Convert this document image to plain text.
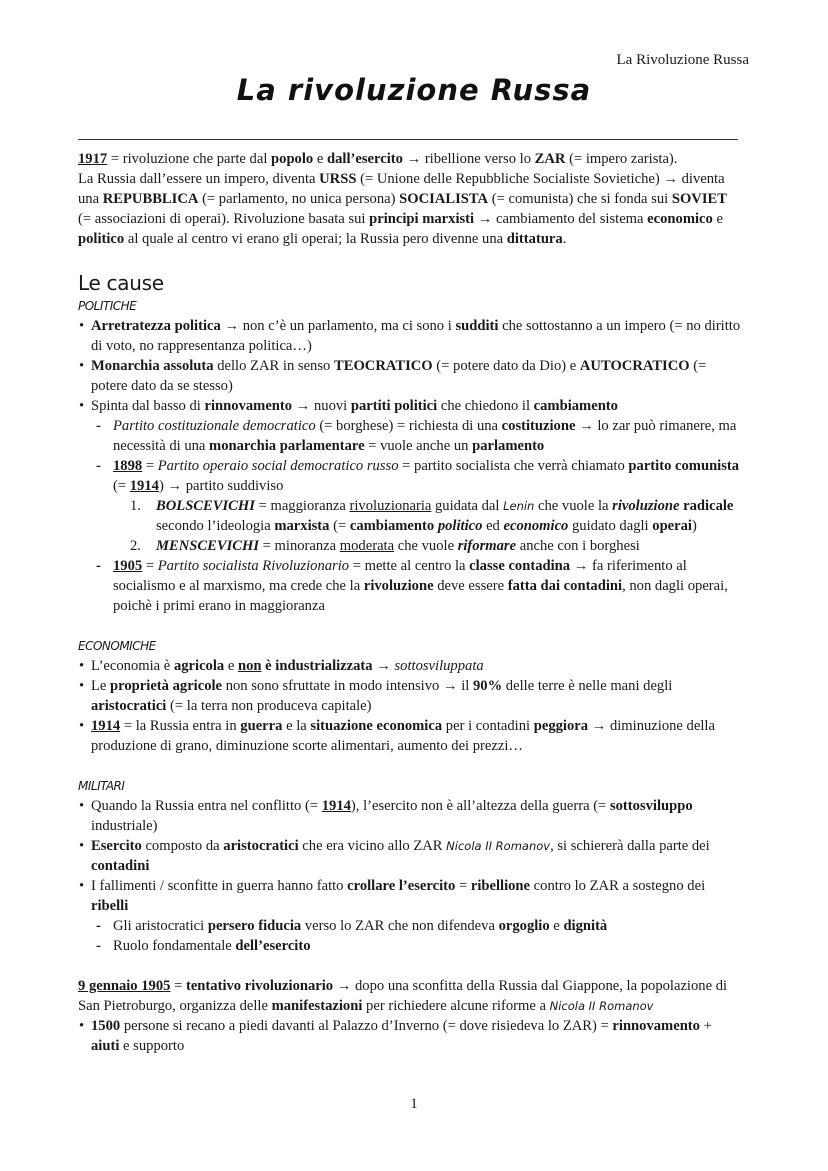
La Rivoluzione Russa
La rivoluzione Russa
1917 = rivoluzione che parte dal popolo e dall’esercito → ribellione verso lo ZAR (= impero zarista).
La Russia dall’essere un impero, diventa URSS (= Unione delle Repubbliche Socialiste Sovietiche) → diventa una REPUBBLICA (= parlamento, no unica persona) SOCIALISTA (= comunista) che si fonda sui SOVIET (= associazioni di operai). Rivoluzione basata sui principi marxisti → cambiamento del sistema economico e politico al quale al centro vi erano gli operai; la Russia pero divenne una dittatura.
Le cause
POLITICHE
• Arretratezza politica → non c’è un parlamento, ma ci sono i sudditi che sottostanno a un impero (= no diritto di voto, no rappresentanza politica…)
• Monarchia assoluta dello ZAR in senso TEOCRATICO (= potere dato da Dio) e AUTOCRATICO (= potere dato da se stesso)
• Spinta dal basso di rinnovamento → nuovi partiti politici che chiedono il cambiamento
- Partito costituzionale democratico (= borghese) = richiesta di una costituzione → lo zar può rimanere, ma necessità di una monarchia parlamentare = vuole anche un parlamento
- 1898 = Partito operaio social democratico russo = partito socialista che verrà chiamato partito comunista (= 1914) → partito suddiviso
1. BOLSCEVICHI = maggioranza rivoluzionaria guidata dal Lenin che vuole la rivoluzione radicale secondo l’ideologia marxista (= cambiamento politico ed economico guidato dagli operai)
2. MENSCEVICHI = minoranza moderata che vuole riformare anche con i borghesi
- 1905 = Partito socialista Rivoluzionario = mette al centro la classe contadina → fa riferimento al socialismo e al marxismo, ma crede che la rivoluzione deve essere fatta dai contadini, non dagli operai, poichè i primi erano in maggioranza
ECONOMICHE
• L’economia è agricola e non è industrializzata → sottosviluppata
• Le proprietà agricole non sono sfruttate in modo intensivo → il 90% delle terre è nelle mani degli aristocratici (= la terra non produceva capitale)
• 1914 = la Russia entra in guerra e la situazione economica per i contadini peggiora → diminuzione della produzione di grano, diminuzione scorte alimentari, aumento dei prezzi…
MILITARI
• Quando la Russia entra nel conflitto (= 1914), l’esercito non è all’altezza della guerra (= sottosviluppo industriale)
• Esercito composto da aristocratici che era vicino allo ZAR Nicola II Romanov, si schiererà dalla parte dei contadini
• I fallimenti / sconfitte in guerra hanno fatto crollare l’esercito = ribellione contro lo ZAR a sostegno dei ribelli
- Gli aristocratici persero fiducia verso lo ZAR che non difendeva orgoglio e dignità
- Ruolo fondamentale dell’esercito
9 gennaio 1905 = tentativo rivoluzionario → dopo una sconfitta della Russia dal Giappone, la popolazione di San Pietroburgo, organizza delle manifestazioni per richiedere alcune riforme a Nicola II Romanov
• 1500 persone si recano a piedi davanti al Palazzo d’Inverno (= dove risiedeva lo ZAR) = rinnovamento + aiuti e supporto
1
